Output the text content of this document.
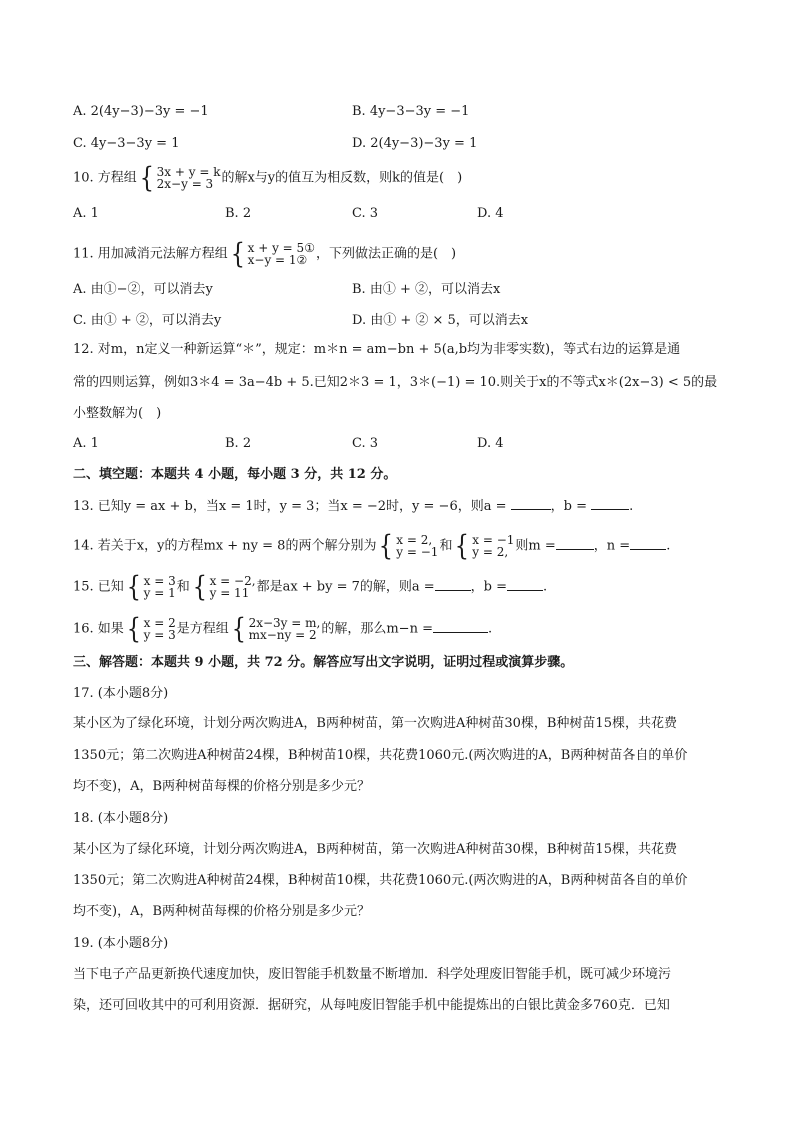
A. 2(4y−3)−3y = −1	B. 4y−3−3y = −1
C. 4y−3−3y = 1	D. 2(4y−3)−3y = 1
10. 方程组 { 3x + y = k
2x−y = 3 的解x与y的值互为相反数，则k的值是(　)
A. 1	B. 2	C. 3	D. 4
11. 用加减消元法解方程组 { x + y = 5①
x−y = 1② ，下列做法正确的是(　)
A. 由①−②，可以消去y	B. 由① + ②，可以消去x
C. 由① + ②，可以消去y	D. 由① + ② × 5，可以消去x
12. 对m，n定义一种新运算“＊”，规定：m＊n = am−bn + 5(a,b均为非零实数)，等式右边的运算是通
常的四则运算，例如3＊4 = 3a−4b + 5.已知2＊3 = 1，3＊(−1) = 10.则关于x的不等式x＊(2x−3) < 5的最
小整数解为(　)
A. 1	B. 2	C. 3	D. 4
二、填空题：本题共 4 小题，每小题 3 分，共 12 分。
13. 已知y = ax + b，当x = 1时，y = 3；当x = −2时，y = −6，则a =	，b =	.
14. 若关于x，y的方程mx + ny = 8的两个解分别为 { x = 2,
y = −1 和 { x = −1
y = 2, 则m =	，n =	.
15. 已知 { x = 3
y = 1 和 { x = −2,
y = 11 都是ax + by = 7的解，则a =	，b =	.
16. 如果 { x = 2
y = 3 是方程组 { 2x−3y = m,
mx−ny = 2 的解，那么m−n =	.
三、解答题：本题共 9 小题，共 72 分。解答应写出文字说明，证明过程或演算步骤。
17. (本小题8分)
某小区为了绿化环境，计划分两次购进A，B两种树苗，第一次购进A种树苗30棵，B种树苗15棵，共花费
1350元；第二次购进A种树苗24棵，B种树苗10棵，共花费1060元.(两次购进的A，B两种树苗各自的单价
均不变)，A，B两种树苗每棵的价格分别是多少元？
18. (本小题8分)
某小区为了绿化环境，计划分两次购进A，B两种树苗，第一次购进A种树苗30棵，B种树苗15棵，共花费
1350元；第二次购进A种树苗24棵，B种树苗10棵，共花费1060元.(两次购进的A，B两种树苗各自的单价
均不变)，A，B两种树苗每棵的价格分别是多少元？
19. (本小题8分)
当下电子产品更新换代速度加快，废旧智能手机数量不断增加．科学处理废旧智能手机，既可减少环境污
染，还可回收其中的可利用资源．据研究，从每吨废旧智能手机中能提炼出的白银比黄金多760克．已知
